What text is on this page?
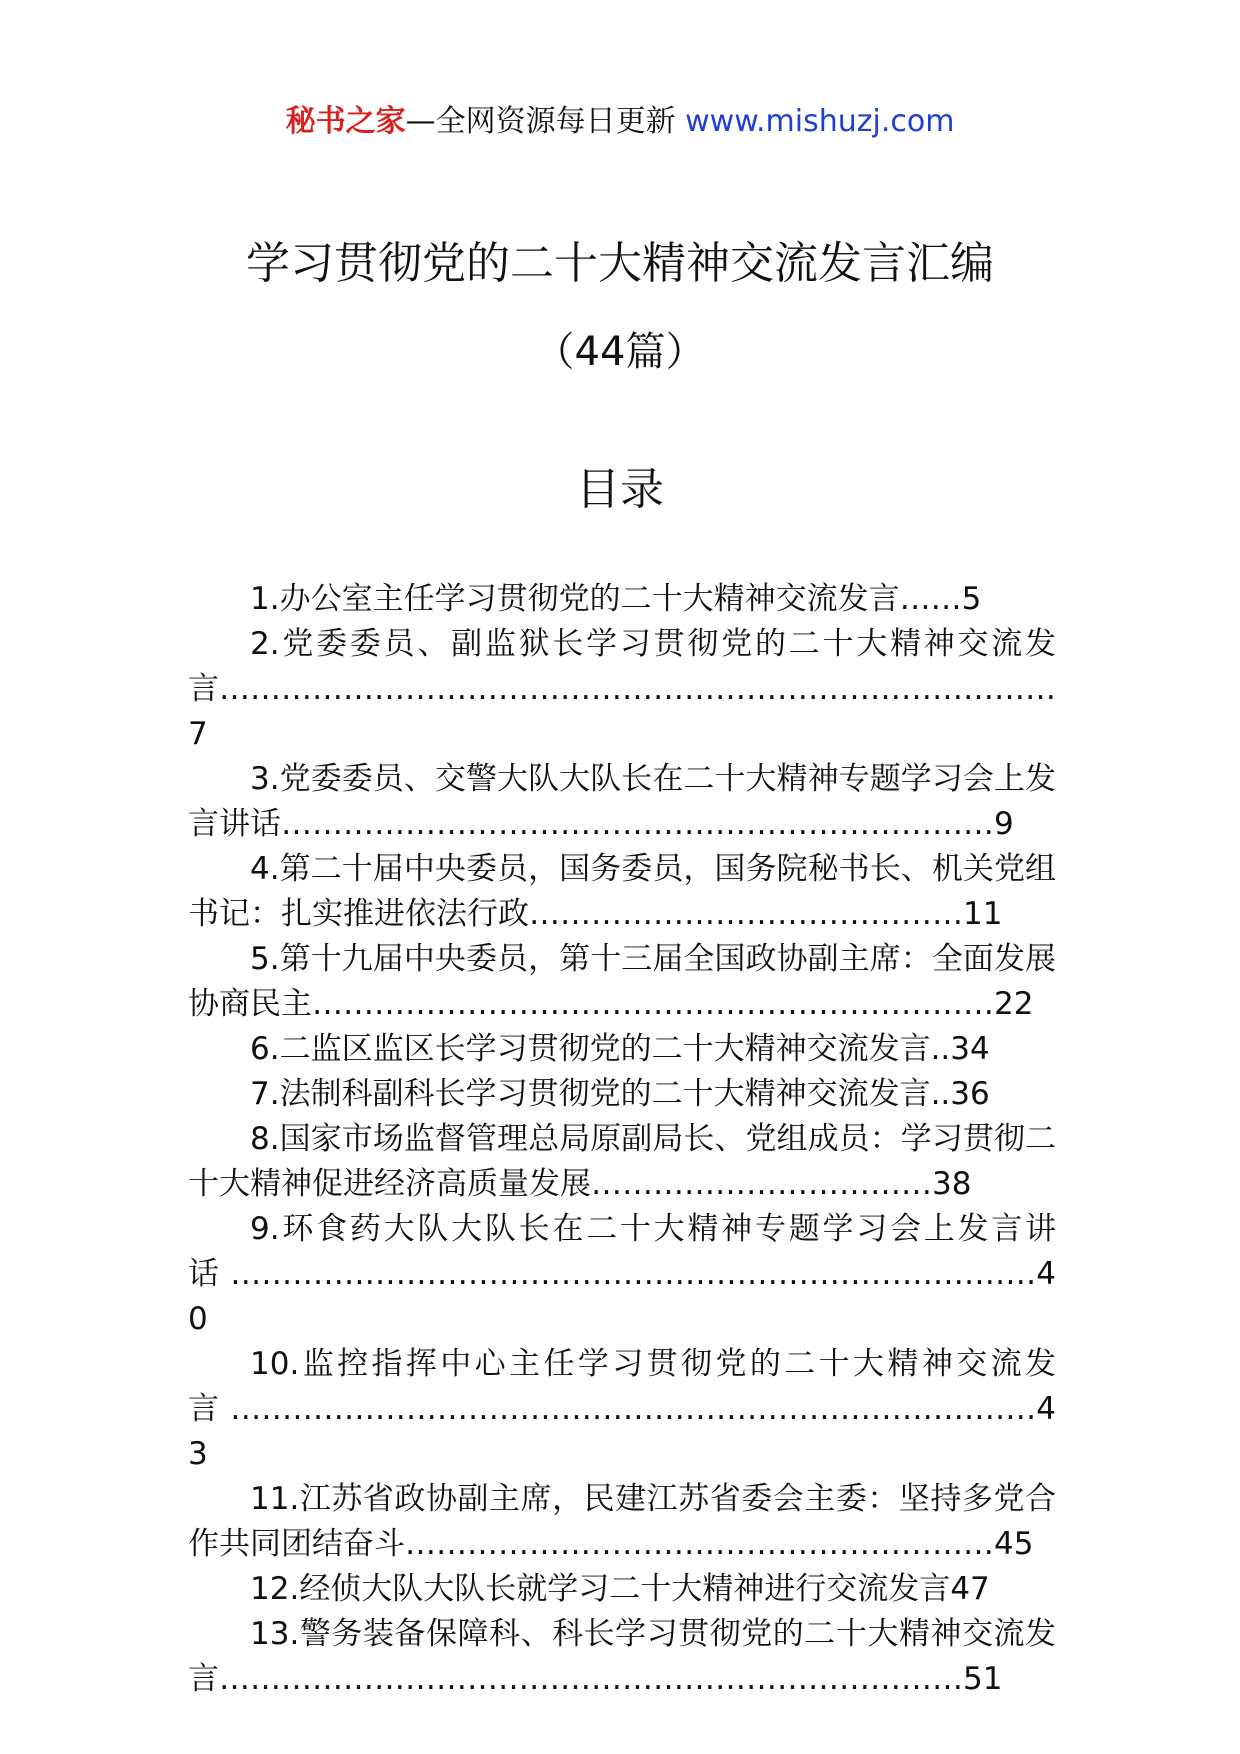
秘书之家—全网资源每日更新 www.mishuzj.com
学习贯彻党的二十大精神交流发言汇编
（44篇）
目录
1.办公室主任学习贯彻党的二十大精神交流发言……5
2.党委委员、副监狱长学习贯彻党的二十大精神交流发言………………………………………………………………………7
3.党委委员、交警大队大队长在二十大精神专题学习会上发言讲话……………………………………………………………9
4.第二十届中央委员，国务委员，国务院秘书长、机关党组书记：扎实推进依法行政……………………………………11
5.第十九届中央委员，第十三届全国政协副主席：全面发展协商民主…………………………………………………………22
6.二监区监区长学习贯彻党的二十大精神交流发言..34
7.法制科副科长学习贯彻党的二十大精神交流发言..36
8.国家市场监督管理总局原副局长、党组成员：学习贯彻二十大精神促进经济高质量发展……………………………38
9.环食药大队大队长在二十大精神专题学习会上发言讲话……………………………………………………………………40
10.监控指挥中心主任学习贯彻党的二十大精神交流发言……………………………………………………………………43
11.江苏省政协副主席，民建江苏省委会主委：坚持多党合作共同团结奋斗…………………………………………………45
12.经侦大队大队长就学习二十大精神进行交流发言47
13.警务装备保障科、科长学习贯彻党的二十大精神交流发言………………………………………………………………51
